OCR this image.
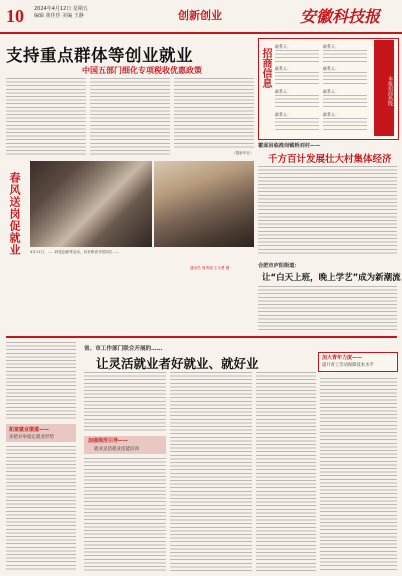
10 2024年4月12日 星期五
编辑 黄佳佳 美编 王静	创新创业	安徽科技报
支持重点群体等创业就业
中国五部门细化专项税收优惠政策
（据新华社）
春风送岗促就业	4月11日，……科技创新等活动，向求职者介绍岗位……
通讯员 周秀丽 王永勇 摄
招商信息
本报招商热线
联系人：	联系人：
联系人：	联系人：
联系人：	联系人：
联系人：	联系人：
霍邱县临淮岗镇桥刘村——
千方百计发展壮大村集体经济
合肥市庐阳街道：
让“白天上班，晚上学艺”成为新潮流
拓宽就业渠道——
多措并举稳定就业形势
省、市工作部门联合开展的……
让灵活就业者好就业、就好业
加强规范引导——
就业灵活就业技能培训
加大青年力度——
提升青工劳动保障技术水平
